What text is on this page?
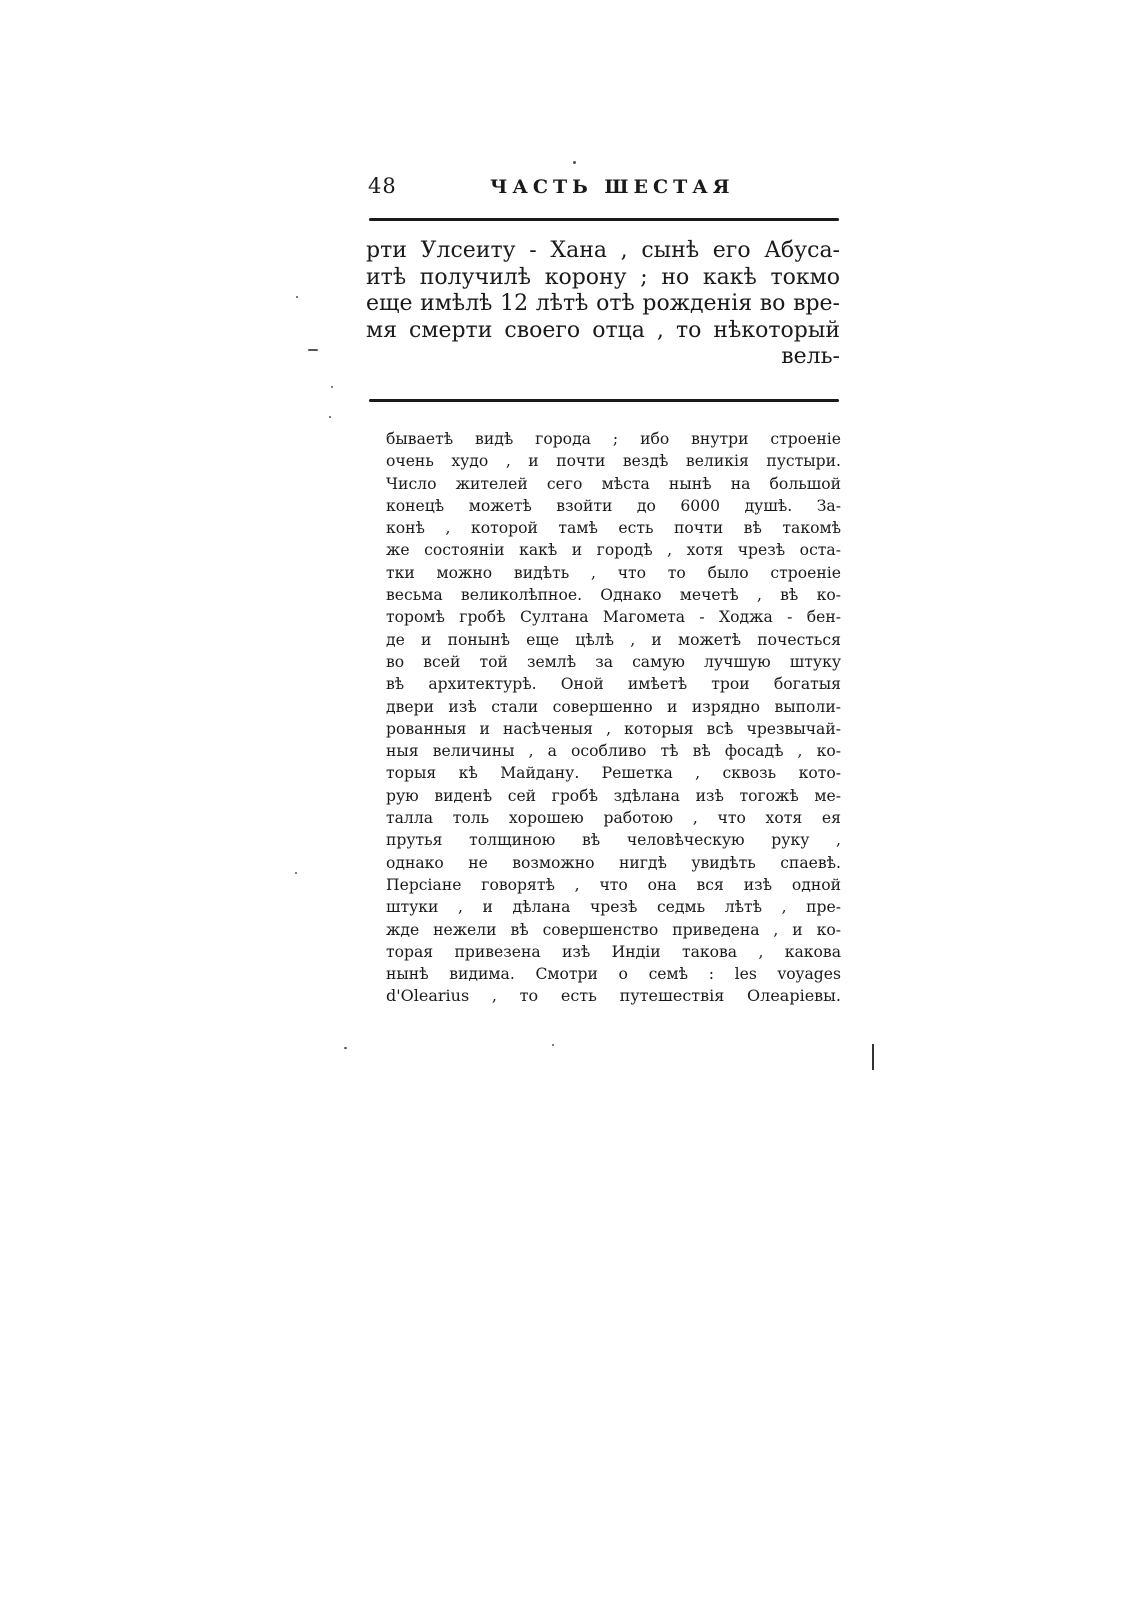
48	ЧАСТЬ ШЕСТАЯ
рти Улсеиту - Хана , сынѣ его Абуса-
итѣ получилѣ корону ; но какѣ токмо
еще имѣлѣ 12 лѣтѣ отѣ рожденія во вре-
мя смерти своего отца , то нѣкоторый
вель-
бываетѣ видѣ города ; ибо внутри строеніе
очень худо , и почти вездѣ великія пустыри.
Число жителей сего мѣста нынѣ на большой
конецѣ можетѣ взойти до 6000 душѣ. За-
конѣ , которой тамѣ есть почти вѣ такомѣ
же состояніи какѣ и городѣ , хотя чрезѣ оста-
тки можно видѣть , что то было строеніе
весьма великолѣпное. Однако мечетѣ , вѣ ко-
торомѣ гробѣ Султана Магомета - Ходжа - бен-
де и понынѣ еще цѣлѣ , и можетѣ почесться
во всей той землѣ за самую лучшую штуку
вѣ архитектурѣ. Оной имѣетѣ трои богатыя
двери изѣ стали совершенно и изрядно выполи-
рованныя и насѣченыя , которыя всѣ чрезвычай-
ныя величины , а особливо тѣ вѣ фосадѣ , ко-
торыя кѣ Майдану. Решетка , сквозь кото-
рую виденѣ сей гробѣ здѣлана изѣ тогожѣ ме-
талла толь хорошею работою , что хотя ея
прутья толщиною вѣ человѣческую руку ,
однако не возможно нигдѣ увидѣть спаевѣ.
Персіане говорятѣ , что она вся изѣ одной
штуки , и дѣлана чрезѣ седмь лѣтѣ , пре-
жде нежели вѣ совершенство приведена , и ко-
торая привезена изѣ Индіи такова , какова
нынѣ видима. Смотри о семѣ : les voyages
d'Olearius , то есть путешествія Олеаріевы.
